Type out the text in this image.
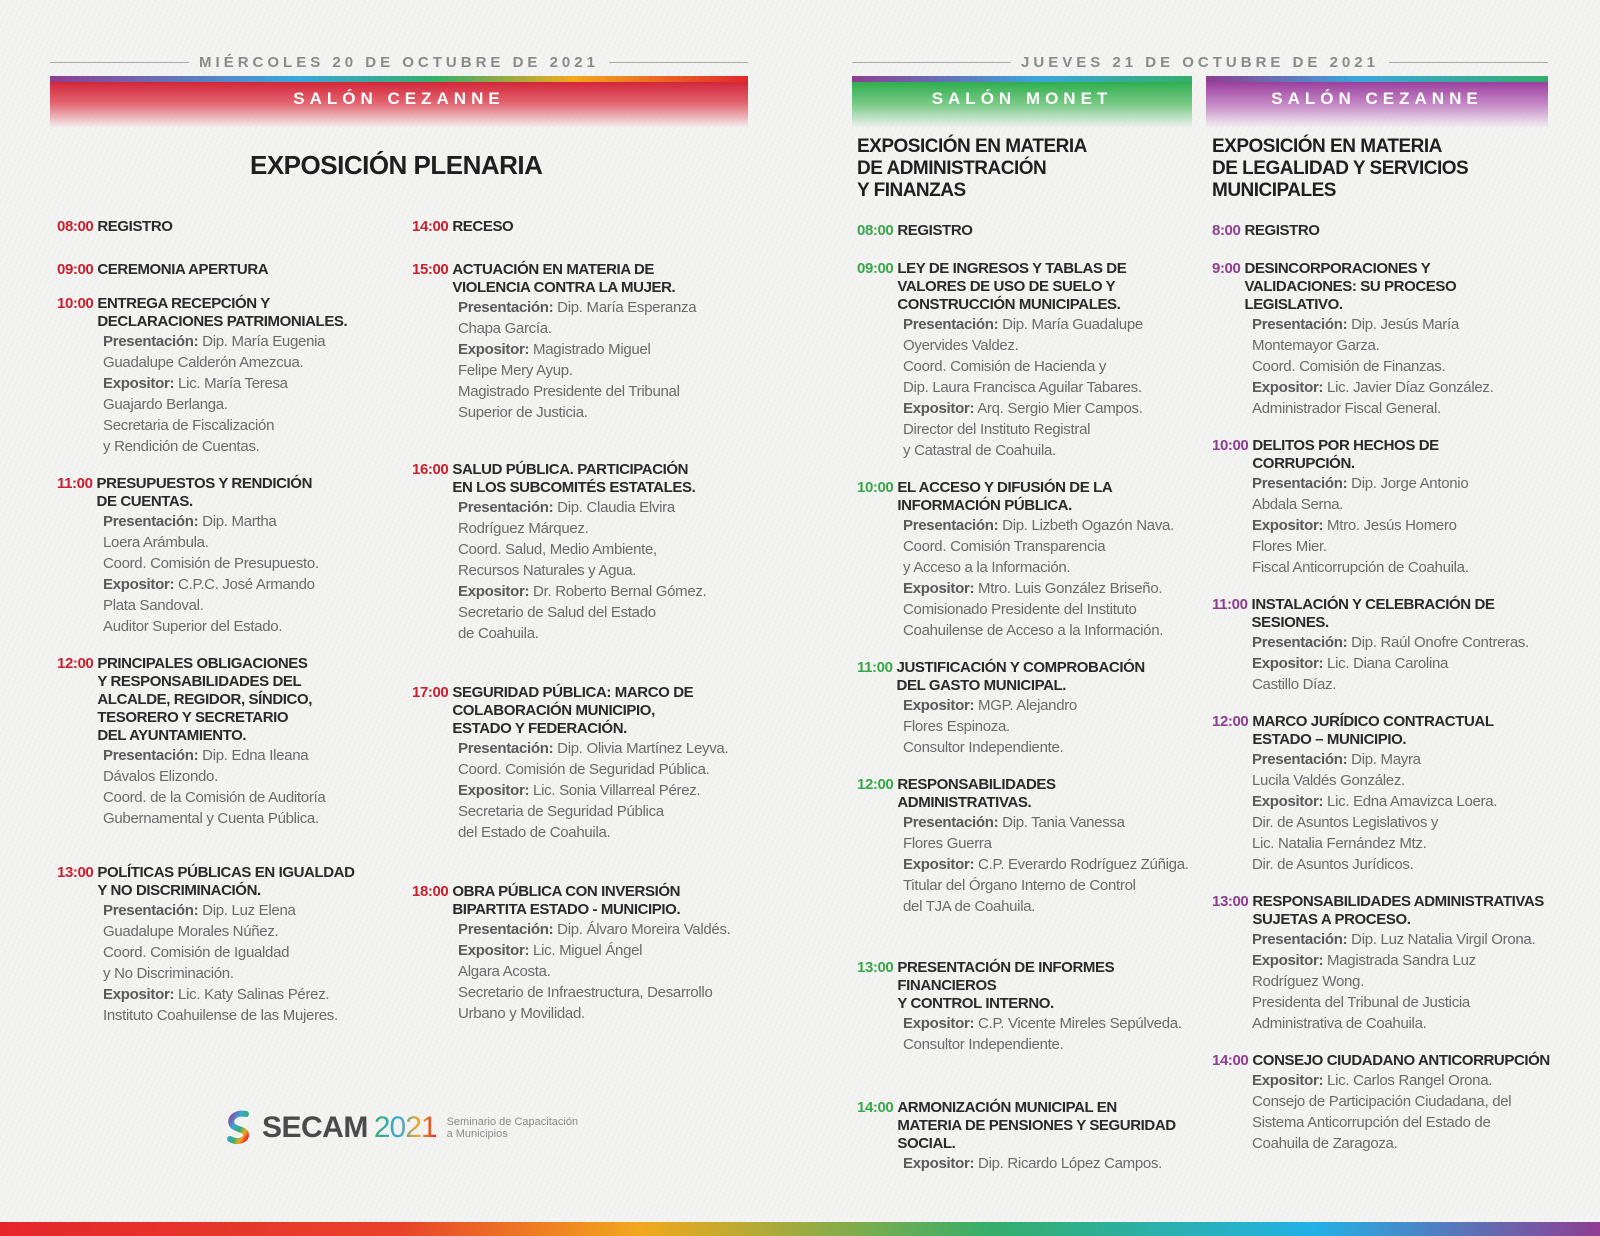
MIÉRCOLES 20 DE OCTUBRE DE 2021
SALÓN CEZANNE
EXPOSICIÓN PLENARIA
JUEVES 21 DE OCTUBRE DE 2021
SALÓN MONET	SALÓN CEZANNE
EXPOSICIÓN EN MATERIA
DE ADMINISTRACIÓN
Y FINANZAS
EXPOSICIÓN EN MATERIA
DE LEGALIDAD Y SERVICIOS
MUNICIPALES
08:00 REGISTRO
09:00 CEREMONIA APERTURA
10:00 ENTREGA RECEPCIÓN Y
DECLARACIONES PATRIMONIALES.
Presentación: Dip. María Eugenia
Guadalupe Calderón Amezcua.
Expositor: Lic. María Teresa
Guajardo Berlanga.
Secretaria de Fiscalización
y Rendición de Cuentas.
11:00 PRESUPUESTOS Y RENDICIÓN
DE CUENTAS.
Presentación: Dip. Martha
Loera Arámbula.
Coord. Comisión de Presupuesto.
Expositor: C.P.C. José Armando
Plata Sandoval.
Auditor Superior del Estado.
12:00 PRINCIPALES OBLIGACIONES
Y RESPONSABILIDADES DEL
ALCALDE, REGIDOR, SÍNDICO,
TESORERO Y SECRETARIO
DEL AYUNTAMIENTO.
Presentación: Dip. Edna Ileana
Dávalos Elizondo.
Coord. de la Comisión de Auditoría
Gubernamental y Cuenta Pública.
13:00 POLÍTICAS PÚBLICAS EN IGUALDAD
Y NO DISCRIMINACIÓN.
Presentación: Dip. Luz Elena
Guadalupe Morales Núñez.
Coord. Comisión de Igualdad
y No Discriminación.
Expositor: Lic. Katy Salinas Pérez.
Instituto Coahuilense de las Mujeres.
14:00 RECESO
15:00 ACTUACIÓN EN MATERIA DE
VIOLENCIA CONTRA LA MUJER.
Presentación: Dip. María Esperanza
Chapa García.
Expositor: Magistrado Miguel
Felipe Mery Ayup.
Magistrado Presidente del Tribunal
Superior de Justicia.
16:00 SALUD PÚBLICA. PARTICIPACIÓN
EN LOS SUBCOMITÉS ESTATALES.
Presentación: Dip. Claudia Elvira
Rodríguez Márquez.
Coord. Salud, Medio Ambiente,
Recursos Naturales y Agua.
Expositor: Dr. Roberto Bernal Gómez.
Secretario de Salud del Estado
de Coahuila.
17:00 SEGURIDAD PÚBLICA: MARCO DE
COLABORACIÓN MUNICIPIO,
ESTADO Y FEDERACIÓN.
Presentación: Dip. Olivia Martínez Leyva.
Coord. Comisión de Seguridad Pública.
Expositor: Lic. Sonia Villarreal Pérez.
Secretaria de Seguridad Pública
del Estado de Coahuila.
18:00 OBRA PÚBLICA CON INVERSIÓN
BIPARTITA ESTADO - MUNICIPIO.
Presentación: Dip. Álvaro Moreira Valdés.
Expositor: Lic. Miguel Ángel
Algara Acosta.
Secretario de Infraestructura, Desarrollo
Urbano y Movilidad.
08:00 REGISTRO
09:00 LEY DE INGRESOS Y TABLAS DE
VALORES DE USO DE SUELO Y
CONSTRUCCIÓN MUNICIPALES.
Presentación: Dip. María Guadalupe
Oyervides Valdez.
Coord. Comisión de Hacienda y
Dip. Laura Francisca Aguilar Tabares.
Expositor: Arq. Sergio Mier Campos.
Director del Instituto Registral
y Catastral de Coahuila.
10:00 EL ACCESO Y DIFUSIÓN DE LA
INFORMACIÓN PÚBLICA.
Presentación: Dip. Lizbeth Ogazón Nava.
Coord. Comisión Transparencia
y Acceso a la Información.
Expositor: Mtro. Luis González Briseño.
Comisionado Presidente del Instituto
Coahuilense de Acceso a la Información.
11:00 JUSTIFICACIÓN Y COMPROBACIÓN
DEL GASTO MUNICIPAL.
Expositor: MGP. Alejandro
Flores Espinoza.
Consultor Independiente.
12:00 RESPONSABILIDADES
ADMINISTRATIVAS.
Presentación: Dip. Tania Vanessa
Flores Guerra
Expositor: C.P. Everardo Rodríguez Zúñiga.
Titular del Órgano Interno de Control
del TJA de Coahuila.
13:00 PRESENTACIÓN DE INFORMES FINANCIEROS
Y CONTROL INTERNO.
Expositor: C.P. Vicente Mireles Sepúlveda.
Consultor Independiente.
14:00 ARMONIZACIÓN MUNICIPAL EN
MATERIA DE PENSIONES Y SEGURIDAD
SOCIAL.
Expositor: Dip. Ricardo López Campos.
8:00 REGISTRO
9:00 DESINCORPORACIONES Y
VALIDACIONES: SU PROCESO
LEGISLATIVO.
Presentación: Dip. Jesús María
Montemayor Garza.
Coord. Comisión de Finanzas.
Expositor: Lic. Javier Díaz González.
Administrador Fiscal General.
10:00 DELITOS POR HECHOS DE
CORRUPCIÓN.
Presentación: Dip. Jorge Antonio
Abdala Serna.
Expositor: Mtro. Jesús Homero
Flores Mier.
Fiscal Anticorrupción de Coahuila.
11:00 INSTALACIÓN Y CELEBRACIÓN DE
SESIONES.
Presentación: Dip. Raúl Onofre Contreras.
Expositor: Lic. Diana Carolina
Castillo Díaz.
12:00 MARCO JURÍDICO CONTRACTUAL
ESTADO – MUNICIPIO.
Presentación: Dip. Mayra
Lucila Valdés González.
Expositor: Lic. Edna Amavizca Loera.
Dir. de Asuntos Legislativos y
Lic. Natalia Fernández Mtz.
Dir. de Asuntos Jurídicos.
13:00 RESPONSABILIDADES ADMINISTRATIVAS
SUJETAS A PROCESO.
Presentación: Dip. Luz Natalia Virgil Orona.
Expositor: Magistrada Sandra Luz
Rodríguez Wong.
Presidenta del Tribunal de Justicia
Administrativa de Coahuila.
14:00 CONSEJO CIUDADANO ANTICORRUPCIÓN
Expositor: Lic. Carlos Rangel Orona.
Consejo de Participación Ciudadana, del
Sistema Anticorrupción del Estado de
Coahuila de Zaragoza.
SECAM 2021 Seminario de Capacitación
a Municipios
